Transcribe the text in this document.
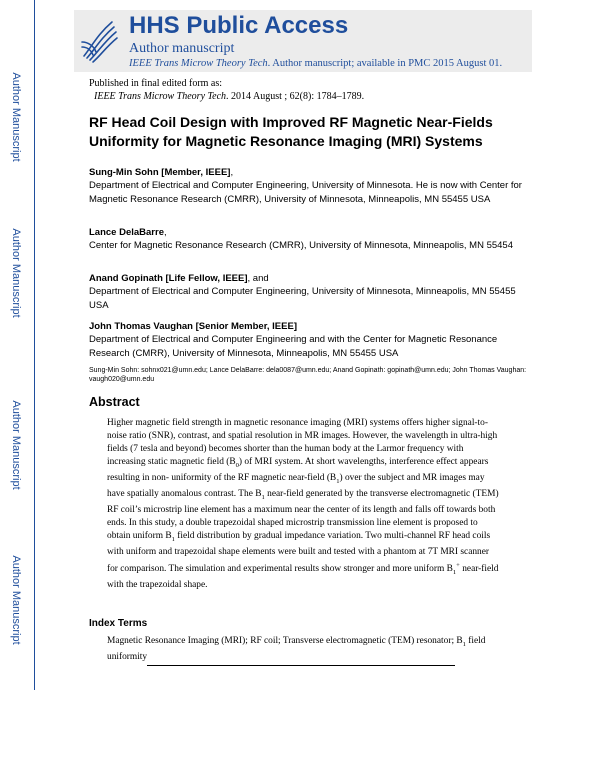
Author Manuscript
Author Manuscript
Author Manuscript
Author Manuscript
HHS Public Access
Author manuscript
IEEE Trans Microw Theory Tech. Author manuscript; available in PMC 2015 August 01.
Published in final edited form as:
IEEE Trans Microw Theory Tech. 2014 August ; 62(8): 1784–1789.
RF Head Coil Design with Improved RF Magnetic Near-Fields Uniformity for Magnetic Resonance Imaging (MRI) Systems
Sung-Min Sohn [Member, IEEE],
Department of Electrical and Computer Engineering, University of Minnesota. He is now with Center for Magnetic Resonance Research (CMRR), University of Minnesota, Minneapolis, MN 55455 USA
Lance DelaBarre,
Center for Magnetic Resonance Research (CMRR), University of Minnesota, Minneapolis, MN 55454
Anand Gopinath [Life Fellow, IEEE], and
Department of Electrical and Computer Engineering, University of Minnesota, Minneapolis, MN 55455 USA
John Thomas Vaughan [Senior Member, IEEE]
Department of Electrical and Computer Engineering and with the Center for Magnetic Resonance Research (CMRR), University of Minnesota, Minneapolis, MN 55455 USA
Sung-Min Sohn: sohnx021@umn.edu; Lance DelaBarre: dela0087@umn.edu; Anand Gopinath: gopinath@umn.edu; John Thomas Vaughan: vaugh020@umn.edu
Abstract
Higher magnetic field strength in magnetic resonance imaging (MRI) systems offers higher signal-to-noise ratio (SNR), contrast, and spatial resolution in MR images. However, the wavelength in ultra-high fields (7 tesla and beyond) becomes shorter than the human body at the Larmor frequency with increasing static magnetic field $(B_0)$ of MRI system. At short wavelengths, interference effect appears resulting in non- uniformity of the RF magnetic near-field $(B_1)$ over the subject and MR images may have spatially anomalous contrast. The $B_1$ near-field generated by the transverse electromagnetic (TEM) RF coil’s microstrip line element has a maximum near the center of its length and falls off towards both ends. In this study, a double trapezoidal shaped microstrip transmission line element is proposed to obtain uniform $B_1$ field distribution by gradual impedance variation. Two multi-channel RF head coils with uniform and trapezoidal shape elements were built and tested with a phantom at 7T MRI scanner for comparison. The simulation and experimental results show stronger and more uniform $B_1^+$ near-field with the trapezoidal shape.
Index Terms
Magnetic Resonance Imaging (MRI); RF coil; Transverse electromagnetic (TEM) resonator; $B_1$ field uniformity
